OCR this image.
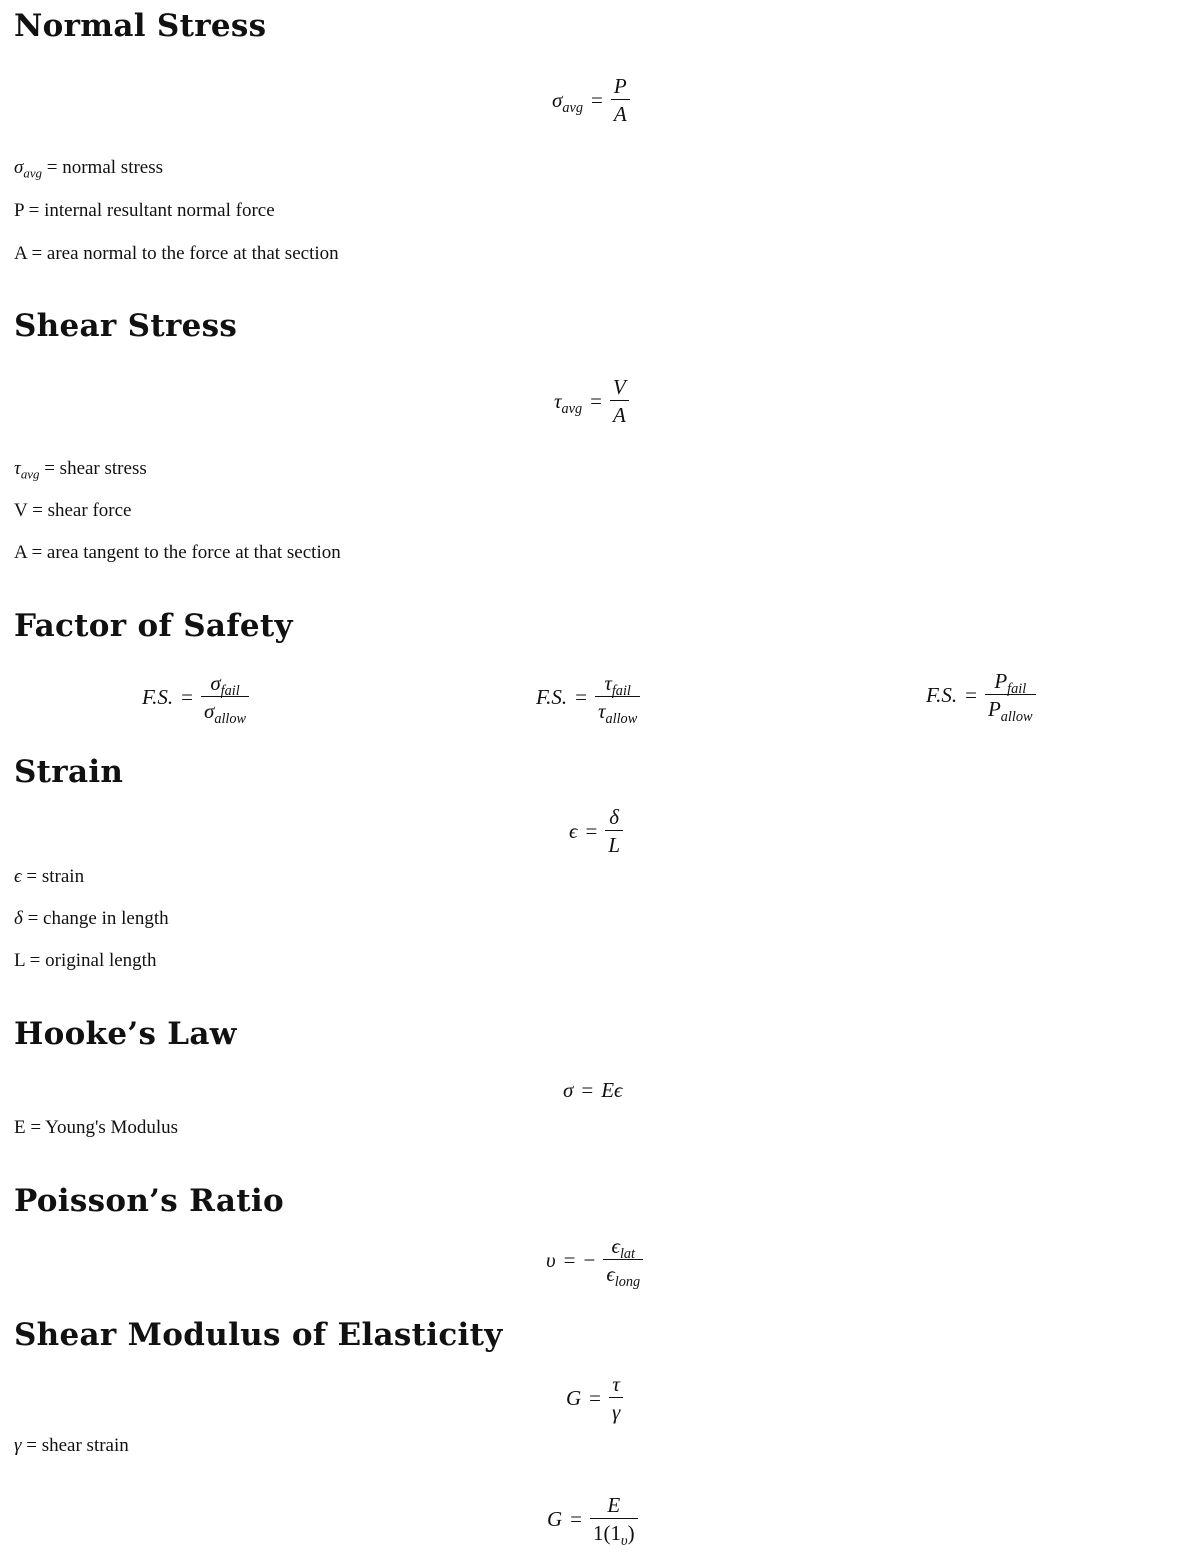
Normal Stress
$\sigma_{avg} = \frac{P}{A}$
$\sigma_{avg}$ = normal stress
P = internal resultant normal force
A = area normal to the force at that section
Shear Stress
$\tau_{avg} = \frac{V}{A}$
$\tau_{avg}$ = shear stress
V = shear force
A = area tangent to the force at that section
Factor of Safety
F.S. = $\frac{\sigma_{fail}}{\sigma_{allow}}$	F.S. = $\frac{\tau_{fail}}{\tau_{allow}}$	F.S. = $\frac{P_{fail}}{P_{allow}}$
Strain
$\epsilon = \frac{\delta}{L}$
ϵ = strain
δ = change in length
L = original length
Hooke’s Law
σ = Eϵ
E = Young's Modulus
Poisson’s Ratio
υ = − $\frac{\epsilon_{lat}}{\epsilon_{long}}$
Shear Modulus of Elasticity
$G = \frac{\tau}{\gamma}$
γ = shear strain
$G = \frac{E}{1(1_\upsilon)}$
